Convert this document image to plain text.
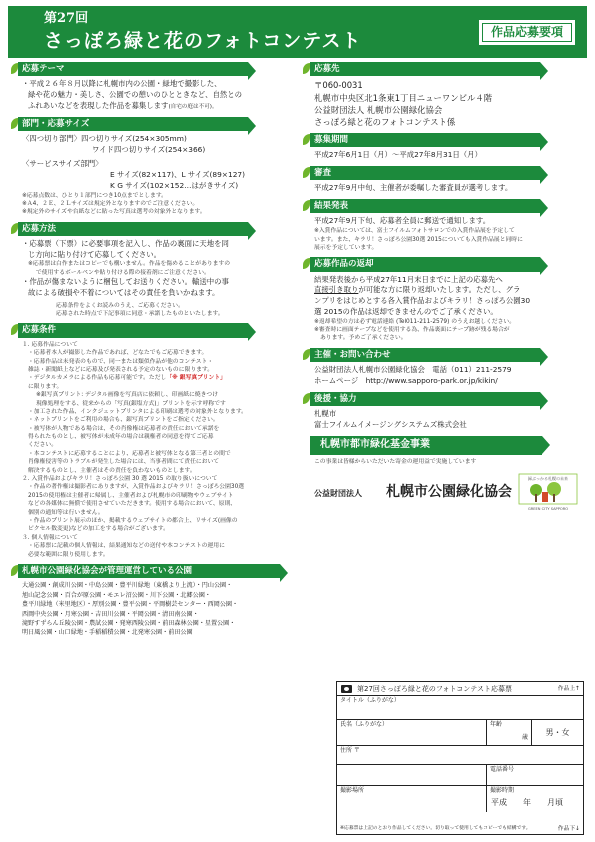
第27回
さっぽろ緑と花のフォトコンテスト	作品応募要項
応募テーマ
・平成２６年８月以降に札幌市内の公園・緑地で撮影した、
緑や花の魅力・美しさ、公園での憩いのひとときなど、自然との
ふれあいなどを表現した作品を募集します(自宅の庭は不可)。
部門・応募サイズ
〈四つ切り部門〉四つ切りサイズ(254×305mm)
ワイド四つ切りサイズ(254×366)
〈サービスサイズ部門〉
E サイズ(82×117)、L サイズ(89×127)
K G サイズ(102×152…はがきサイズ)
※応募点数は、ひとり１部門につき10点までとします。
※Ａ4、２Ｅ、２Ｌサイズは規定外となりますのでご注意ください。
※規定外のサイズや台紙などに貼った写真は選考の対象外となります。
応募方法
・応募票（下票）に必要事項を記入し、作品の裏面に天地を同
じ方向に貼り付けて応募してください。
※応募票は白作またはコピーでも構いません。作品を傷めることがありますの
で使用するボールペンや貼り付ける際の接着剤にご注意ください。
・作品が傷まないように梱包してお送りください。輸送中の事
故による破損や不着についてはその責任を負いかねます。
応募条件をよくお読みのうえ、ご応募ください。
応募された時点で下記事項に同意・承諾したものといたします。
応募条件
１. 応募作品について
・応募者本人が撮影した作品であれば、どなたでもご応募できます。
・応募作品は未発表のもので、同一または類似作品が他のコンテスト・
雑誌・新聞紙上などに応募及び発表される予定のないものに限ります。
・デジタルカメラによる作品も応募可能です。ただし「※ 銀写真プリント」
に限ります。
※銀写真プリント: デジタル画像を写真店に依頼し、印画紙に焼きつけ
現像処理をする、従来からの「写真(銀塩方式)」プリントを示す呼称です
・加工された作品、インクジェットプリンタによる印刷は選考の対象外となります。
・ネットプリントをご利用の場合も、銀写真プリントをご指定ください。
・被写体が人物である場合は、その肖像権は応募者の責任において承諾を
得られたものとし、被写体が未成年の場合は親権者の同意を得てご応募
ください。
・本コンテストに応募することにより、応募者と被写体となる第三者との間で
肖像権侵害等のトラブルが発生した場合には、当事者間にて責任において
解決するものとし、主催者はその責任を負わないものとします。
２. 入賞作品およびキラリ！さっぽろ公園 30 選 2015 の取り扱いについて
・作品の著作権は撮影者にありますが、入賞作品およびキラリ！さっぽろ公園30選
2015の使用権は主催者に帰属し、主催者および札幌市の印刷物やウェブサイト
などの各媒体に無償で使用させていただきます。使用する場合において、原則、
個別の通知等は行いません。
・作品のプリント展示のほか、掲載するウェブサイトの都合上、リサイズ(画像の
ピクセル数変更)などの加工をする場合がございます。
３. 個人情報について
・応募票に記載の個人情報は、結果通知などの送付や本コンテストの運用に
必要な範囲に限り使用します。
札幌市公園緑化協会が管理運営している公園
大通公園・創成川公園・中島公園・豊平川緑地（東橋より上流）・円山公園・
旭山記念公園・百合が原公園・モエレ沼公園・川下公園・北郷公園・
豊平川緑地（米里地区）・厚別公園・豊平公園・平岡樹芸センター・西岡公園・
西岡中央公園・月寒公園・吉田川公園・平岡公園・清田南公園・
滝野すずらん丘陵公園・農試公園・発寒西陵公園・前田森林公園・星置公園・
明日風公園・山口緑地・手稲稲積公園・北発寒公園・前田公園
応募先
〒060-0031
札幌市中央区北1条東1丁目ニューワンビル４階
公益財団法人 札幌市公園緑化協会
さっぽろ緑と花のフォトコンテスト係
募集期間
平成27年6月1日（月）〜平成27年8月31日（月）
審査
平成27年9月中旬、主催者が委嘱した審査員が選考します。
結果発表
平成27年9月下旬、応募者全員に郵送で通知します。
※入賞作品については、富士フイルムフォトサロンでの入賞作品展を予定して
います。また、キラリ！さっぽろ公園30選 2015についても入賞作品展と同時に
展示を予定しています。
応募作品の返却
結果発表後から平成27年11月末日までに上記の応募先へ
直接引き取りが可能な方に限り返却いたします。ただし、グラ
ンプリをはじめとする各入賞作品およびキラリ！さっぽろ公園30
選 2015の作品は返却できませんのでご了承ください。
※返却希望の方は必ず電話連絡 (Tel011-211-2579) のうえお越しください。
※審査時に画面テープなどを使用する為、作品裏面にテープ跡が残る場合が
あります。予めご了承ください。
主催・お問い合わせ
公益財団法人札幌市公園緑化協会　電話（011）211-2579
ホームページ　http://www.sapporo-park.or.jp/kikin/
後援・協力
札幌市
富士フイルムイメージングシステムズ株式会社
札幌市都市緑化基金事業
この事業は皆様からいただいた寄金の運用益で実施しています
公益財団法人 札幌市公園緑化協会
緑ぶっかる札幌の未来
GREEN CITY SAPPORO
第27回さっぽろ緑と花のフォトコンテスト応募票	作品上↑
タイトル（ふりがな）
氏名（ふりがな）	年齢
歳
男・女
住所 〒
電話番号
撮影場所	撮影時期
平成　　年　　月頃
※応募票は上記のとおり作品してください。切り取って使用してもコピーでも結構です。	作品下↓
